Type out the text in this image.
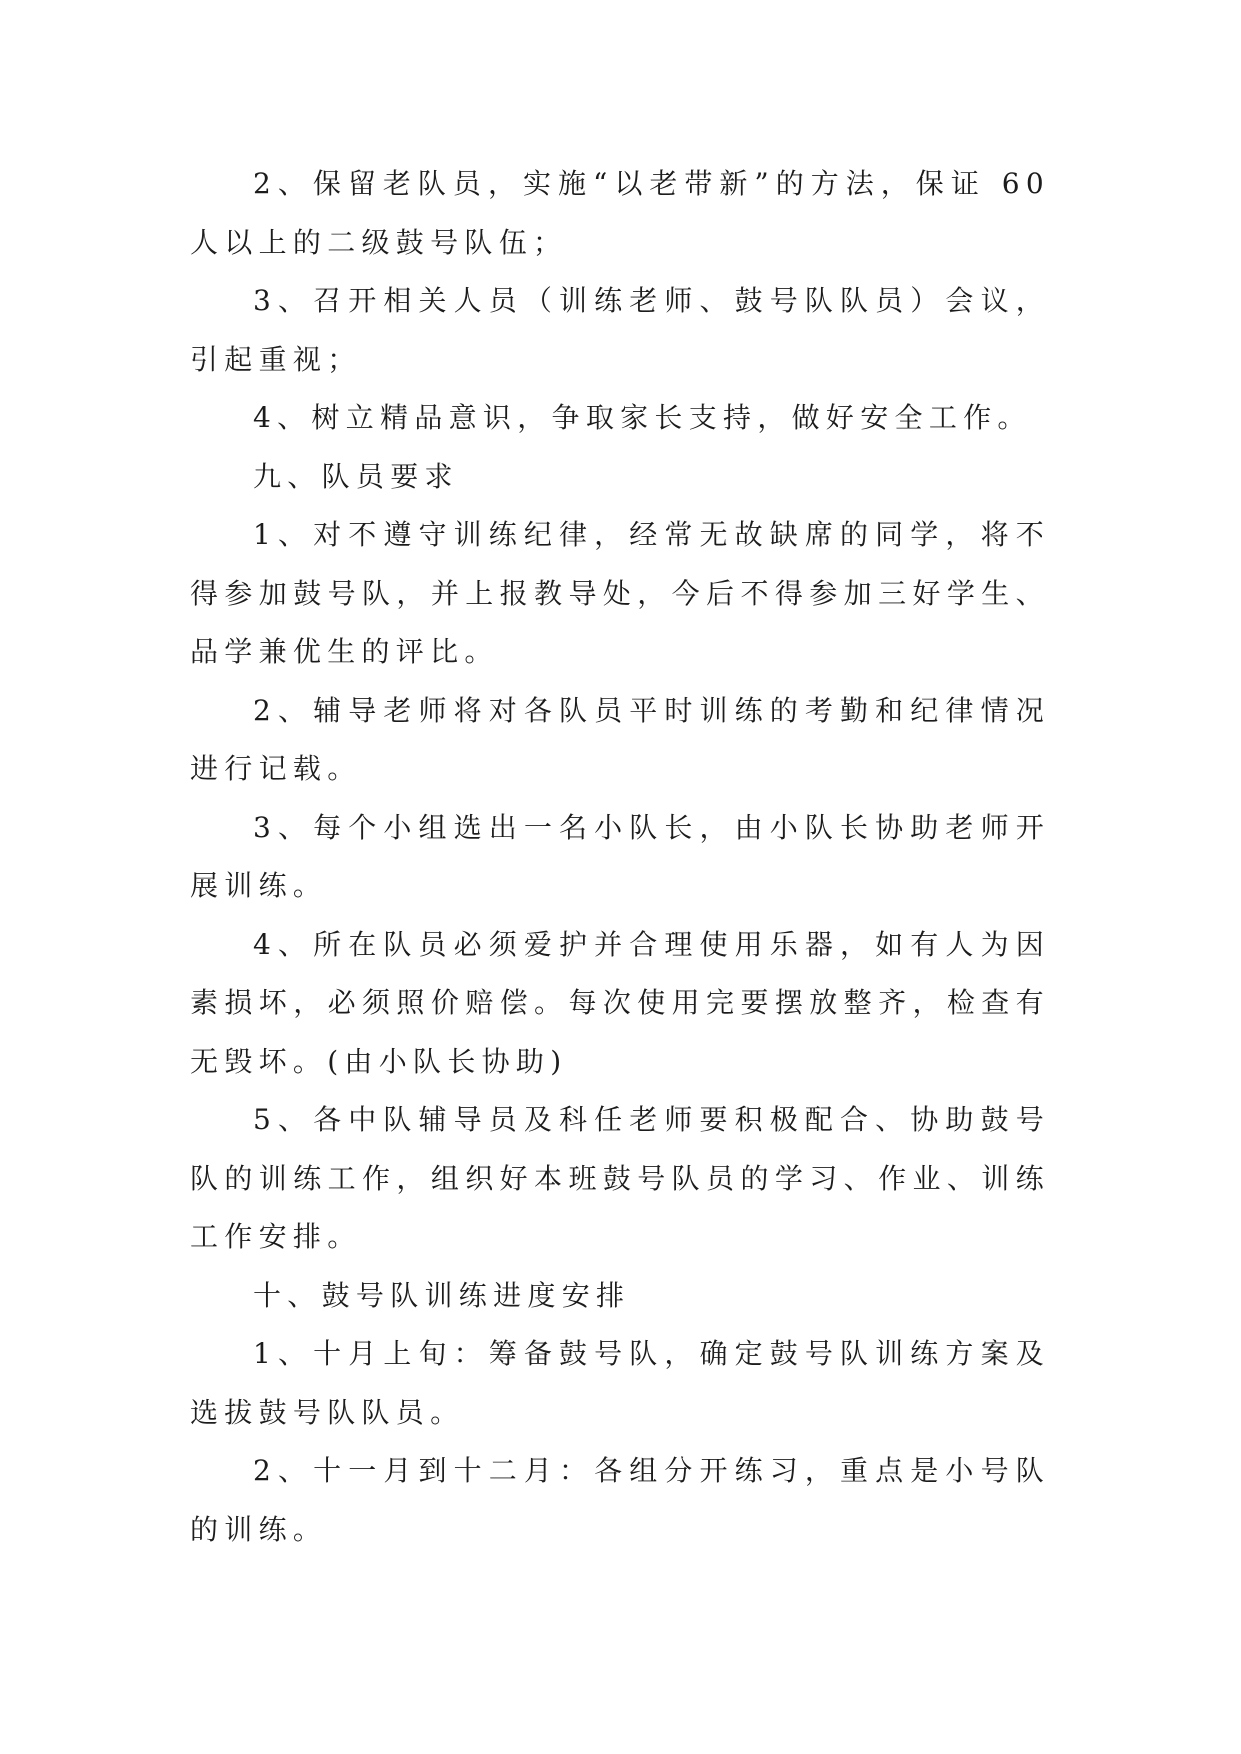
2、保留老队员，实施“以老带新”的方法，保证 60 人以上的二级鼓号队伍；

3、召开相关人员（训练老师、鼓号队队员）会议，引起重视；

4、树立精品意识，争取家长支持，做好安全工作。

九、队员要求

1、对不遵守训练纪律，经常无故缺席的同学，将不得参加鼓号队，并上报教导处，今后不得参加三好学生、品学兼优生的评比。

2、辅导老师将对各队员平时训练的考勤和纪律情况进行记载。

3、每个小组选出一名小队长，由小队长协助老师开展训练。

4、所在队员必须爱护并合理使用乐器，如有人为因素损坏，必须照价赔偿。每次使用完要摆放整齐，检查有无毁坏。(由小队长协助)

5、各中队辅导员及科任老师要积极配合、协助鼓号队的训练工作，组织好本班鼓号队员的学习、作业、训练工作安排。

十、鼓号队训练进度安排

1、十月上旬：筹备鼓号队，确定鼓号队训练方案及选拔鼓号队队员。

2、十一月到十二月：各组分开练习，重点是小号队的训练。
